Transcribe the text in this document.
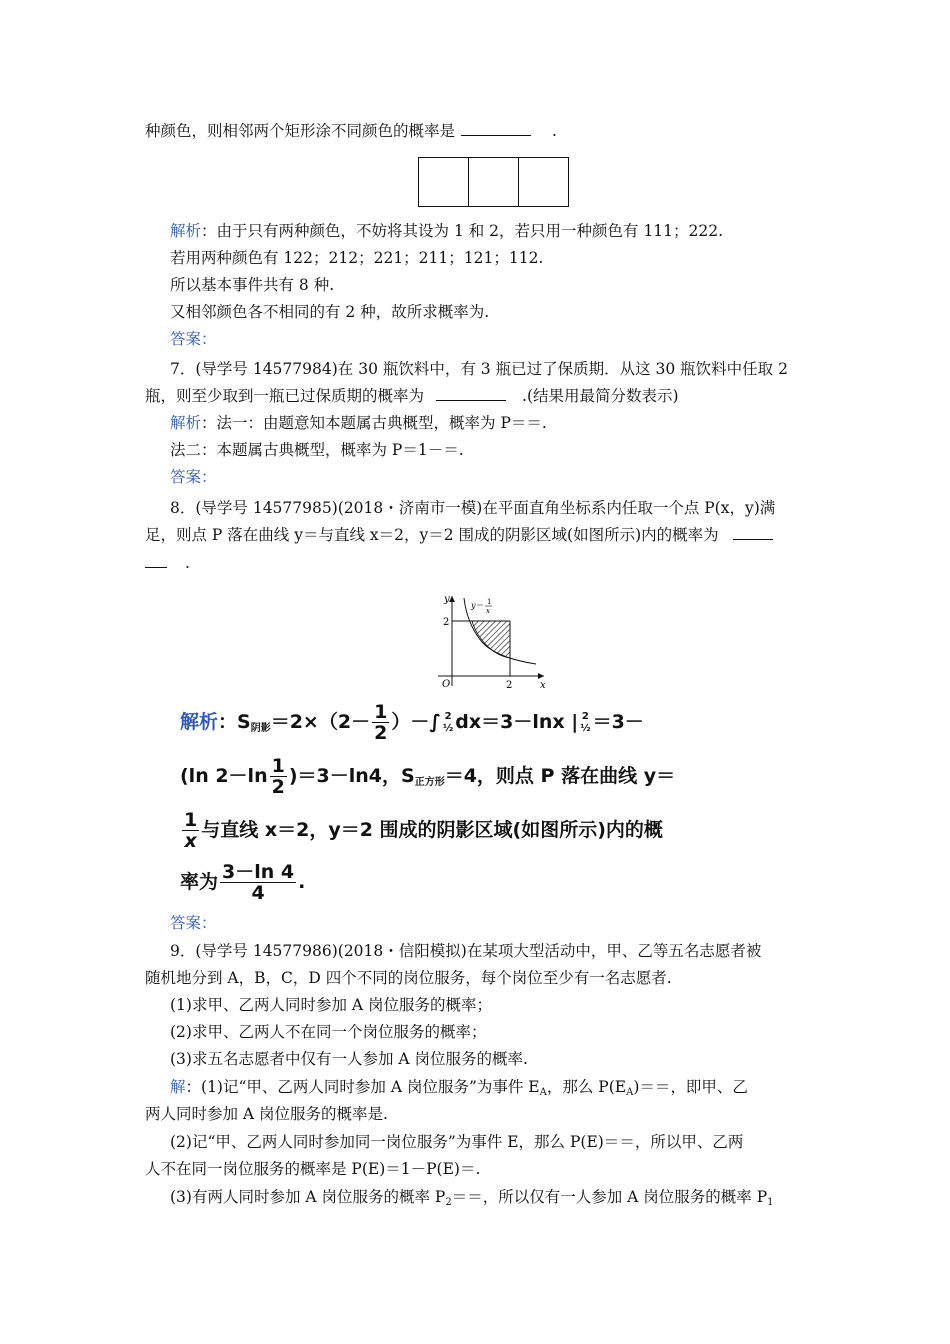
种颜色，则相邻两个矩形涂不同颜色的概率是	.
解析：由于只有两种颜色，不妨将其设为 1 和 2，若只用一种颜色有 111；222.
若用两种颜色有 122；212；221；211；121；112.
所以基本事件共有 8 种.
又相邻颜色各不相同的有 2 种，故所求概率为.
答案：
7．(导学号 14577984)在 30 瓶饮料中，有 3 瓶已过了保质期．从这 30 瓶饮料中任取 2
瓶，则至少取到一瓶已过保质期的概率为	.(结果用最简分数表示)
解析：法一：由题意知本题属古典概型，概率为 P＝＝.
法二：本题属古典概型，概率为 P＝1－＝.
答案：
8．(导学号 14577985)(2018・济南市一模)在平面直角坐标系内任取一个点 P(x，y)满
足，则点 P 落在曲线 y＝与直线 x＝2，y＝2 围成的阴影区域(如图所示)内的概率为
.
y
x
O	2
2
y＝ 1
x
解析：$S_{阴影}=2\times(2- \frac{1}{2}$ ）－∫ 2
½ dx＝3－lnx | 2
½ ＝3－
(ln $2-\ln \frac{1}{2} )=3-\ln 4$，$S_{正方形}=4$，则点 P 落在曲线 y＝
$\frac{1}{x}$ 与直线 x＝2，y＝2 围成的阴影区域(如图所示)内的概
率为 $\frac{3-\ln 4}{4}$ .
答案：
9．(导学号 14577986)(2018・信阳模拟)在某项大型活动中，甲、乙等五名志愿者被
随机地分到 A，B，C，D 四个不同的岗位服务，每个岗位至少有一名志愿者.
(1)求甲、乙两人同时参加 A 岗位服务的概率；
(2)求甲、乙两人不在同一个岗位服务的概率；
(3)求五名志愿者中仅有一人参加 A 岗位服务的概率.
解：(1)记“甲、乙两人同时参加 A 岗位服务”为事件 $E_A$，那么 $P(E_A)==$，即甲、乙
两人同时参加 A 岗位服务的概率是.
(2)记“甲、乙两人同时参加同一岗位服务”为事件 E，那么 P(E)＝＝，所以甲、乙两
人不在同一岗位服务的概率是 P(E)＝1－P(E)＝.
(3)有两人同时参加 A 岗位服务的概率 $P_2==$，所以仅有一人参加 A 岗位服务的概率 $P_1$
